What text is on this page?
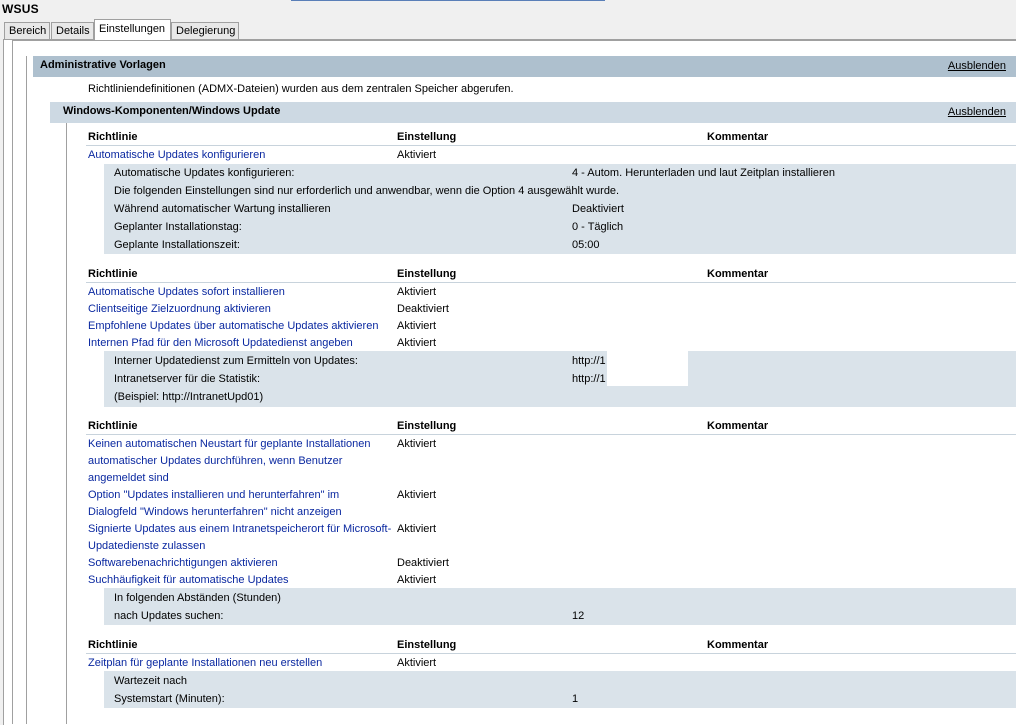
WSUS
Bereich Details Einstellungen Delegierung
Administrative Vorlagen	Ausblenden
Richtliniendefinitionen (ADMX-Dateien) wurden aus dem zentralen Speicher abgerufen.
Windows-Komponenten/Windows Update	Ausblenden
Richtlinie	Einstellung	Kommentar
Automatische Updates konfigurieren	Aktiviert
Automatische Updates konfigurieren:	4 - Autom. Herunterladen und laut Zeitplan installieren
Die folgenden Einstellungen sind nur erforderlich und anwendbar, wenn die Option 4 ausgewählt wurde.
Während automatischer Wartung installieren	Deaktiviert
Geplanter Installationstag:	0 - Täglich
Geplante Installationszeit:	05:00
Richtlinie	Einstellung	Kommentar
Automatische Updates sofort installieren	Aktiviert
Clientseitige Zielzuordnung aktivieren	Deaktiviert
Empfohlene Updates über automatische Updates aktivieren Aktiviert
Internen Pfad für den Microsoft Updatedienst angeben	Aktiviert
Interner Updatedienst zum Ermitteln von Updates:	http://1
Intranetserver für die Statistik:	http://1
(Beispiel: http://IntranetUpd01)
Richtlinie	Einstellung	Kommentar
Keinen automatischen Neustart für geplante Installationen
automatischer Updates durchführen, wenn Benutzer
angemeldet sind
Aktiviert
Option "Updates installieren und herunterfahren" im
Dialogfeld "Windows herunterfahren" nicht anzeigen
Aktiviert
Signierte Updates aus einem Intranetspeicherort für Microsoft-
Updatedienste zulassen
Aktiviert
Softwarebenachrichtigungen aktivieren	Deaktiviert
Suchhäufigkeit für automatische Updates	Aktiviert
In folgenden Abständen (Stunden)
nach Updates suchen:	12
Richtlinie	Einstellung	Kommentar
Zeitplan für geplante Installationen neu erstellen	Aktiviert
Wartezeit nach
Systemstart (Minuten):	1
